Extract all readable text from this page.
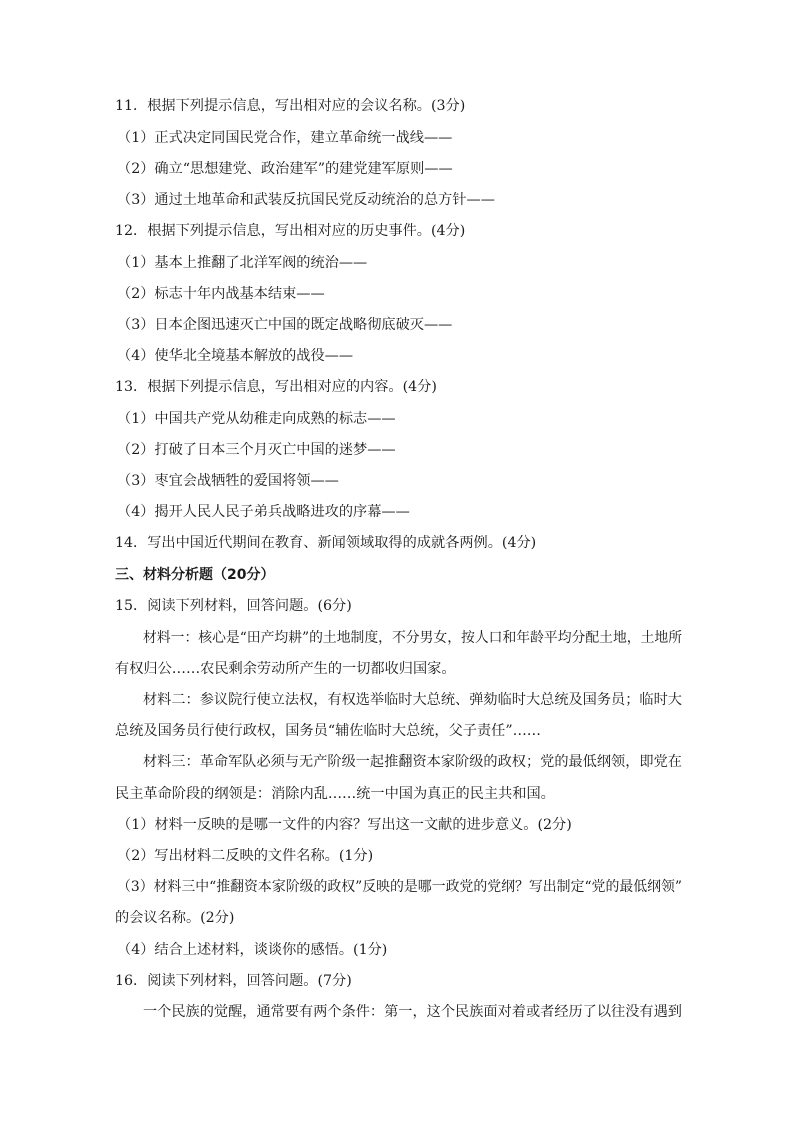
11．根据下列提示信息，写出相对应的会议名称。(3分)
（1）正式决定同国民党合作，建立革命统一战线——
（2）确立“思想建党、政治建军”的建党建军原则——
（3）通过土地革命和武装反抗国民党反动统治的总方针——
12．根据下列提示信息，写出相对应的历史事件。(4分)
（1）基本上推翻了北洋军阀的统治——
（2）标志十年内战基本结束——
（3）日本企图迅速灭亡中国的既定战略彻底破灭——
（4）使华北全境基本解放的战役——
13．根据下列提示信息，写出相对应的内容。(4分)
（1）中国共产党从幼稚走向成熟的标志——
（2）打破了日本三个月灭亡中国的迷梦——
（3）枣宜会战牺牲的爱国将领——
（4）揭开人民人民子弟兵战略进攻的序幕——
14．写出中国近代期间在教育、新闻领域取得的成就各两例。(4分)
三、材料分析题（20分）
15．阅读下列材料，回答问题。(6分)
材料一：核心是“田产均耕”的土地制度，不分男女，按人口和年龄平均分配土地，土地所
有权归公……农民剩余劳动所产生的一切都收归国家。
材料二：参议院行使立法权，有权选举临时大总统、弹劾临时大总统及国务员；临时大
总统及国务员行使行政权，国务员“辅佐临时大总统，父子责任”……
材料三：革命军队必须与无产阶级一起推翻资本家阶级的政权；党的最低纲领，即党在
民主革命阶段的纲领是：消除内乱……统一中国为真正的民主共和国。
（1）材料一反映的是哪一文件的内容？写出这一文献的进步意义。(2分)
（2）写出材料二反映的文件名称。(1分)
（3）材料三中“推翻资本家阶级的政权”反映的是哪一政党的党纲？写出制定“党的最低纲领”
的会议名称。(2分)
（4）结合上述材料，谈谈你的感悟。(1分)
16．阅读下列材料，回答问题。(7分)
一个民族的觉醒，通常要有两个条件：第一，这个民族面对着或者经历了以往没有遇到
